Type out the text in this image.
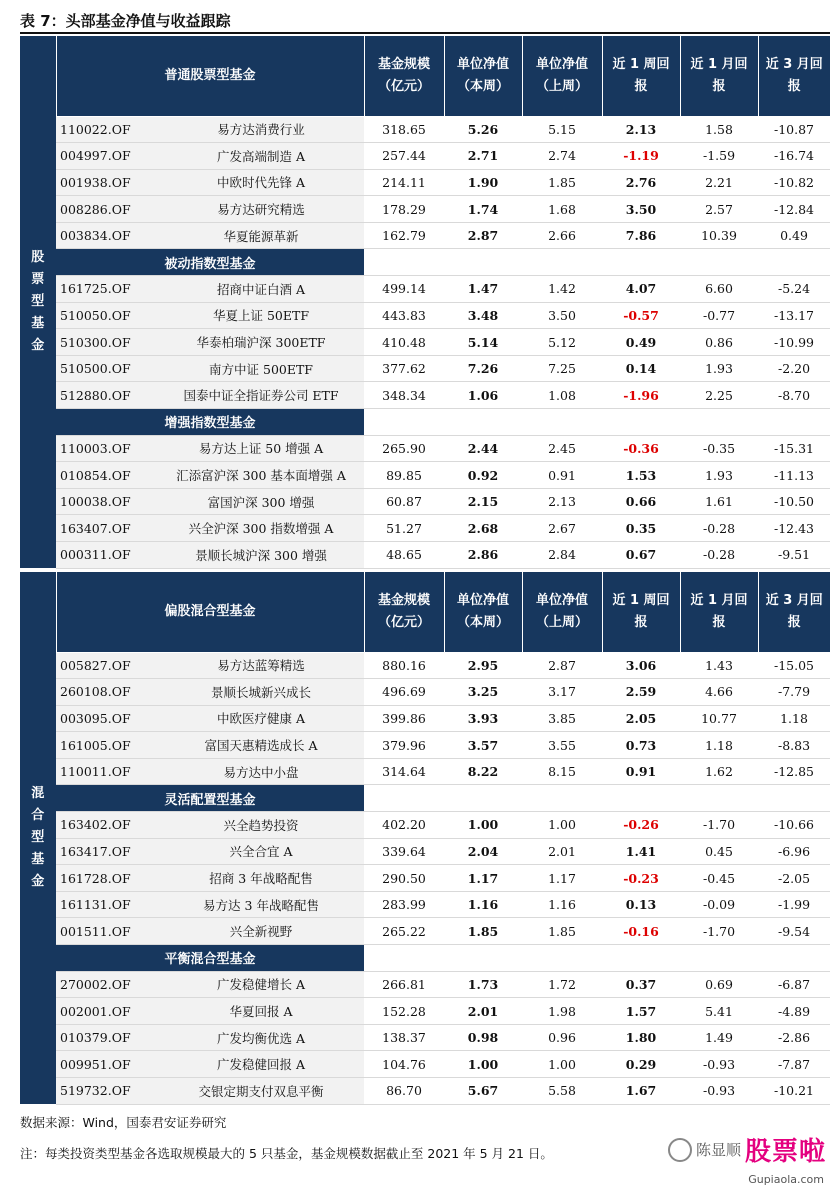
表 7：头部基金净值与收益跟踪
股
票
型
基
金	普通股票型基金		基金规模（亿元）	单位净值（本周）	单位净值（上周）	近 1 周回报	近 1 月回报	近 3 月回报
	110022.OF	易方达消费行业	318.65	5.26	5.15	2.13	1.58	-10.87
	004997.OF	广发高端制造 A	257.44	2.71	2.74	-1.19	-1.59	-16.74
	001938.OF	中欧时代先锋 A	214.11	1.90	1.85	2.76	2.21	-10.82
	008286.OF	易方达研究精选	178.29	1.74	1.68	3.50	2.57	-12.84
	003834.OF	华夏能源革新	162.79	2.87	2.66	7.86	10.39	0.49
	被动指数型基金							
	161725.OF	招商中证白酒 A	499.14	1.47	1.42	4.07	6.60	-5.24
	510050.OF	华夏上证 50ETF	443.83	3.48	3.50	-0.57	-0.77	-13.17
	510300.OF	华泰柏瑞沪深 300ETF	410.48	5.14	5.12	0.49	0.86	-10.99
	510500.OF	南方中证 500ETF	377.62	7.26	7.25	0.14	1.93	-2.20
	512880.OF	国泰中证全指证券公司 ETF	348.34	1.06	1.08	-1.96	2.25	-8.70
	增强指数型基金							
	110003.OF	易方达上证 50 增强 A	265.90	2.44	2.45	-0.36	-0.35	-15.31
	010854.OF	汇添富沪深 300 基本面增强 A	89.85	0.92	0.91	1.53	1.93	-11.13
	100038.OF	富国沪深 300 增强	60.87	2.15	2.13	0.66	1.61	-10.50
	163407.OF	兴全沪深 300 指数增强 A	51.27	2.68	2.67	0.35	-0.28	-12.43
	000311.OF	景顺长城沪深 300 增强	48.65	2.86	2.84	0.67	-0.28	-9.51
混
合
型
基
金	偏股混合型基金		基金规模（亿元）	单位净值（本周）	单位净值（上周）	近 1 周回报	近 1 月回报	近 3 月回报
	005827.OF	易方达蓝筹精选	880.16	2.95	2.87	3.06	1.43	-15.05
	260108.OF	景顺长城新兴成长	496.69	3.25	3.17	2.59	4.66	-7.79
	003095.OF	中欧医疗健康 A	399.86	3.93	3.85	2.05	10.77	1.18
	161005.OF	富国天惠精选成长 A	379.96	3.57	3.55	0.73	1.18	-8.83
	110011.OF	易方达中小盘	314.64	8.22	8.15	0.91	1.62	-12.85
	灵活配置型基金							
	163402.OF	兴全趋势投资	402.20	1.00	1.00	-0.26	-1.70	-10.66
	163417.OF	兴全合宜 A	339.64	2.04	2.01	1.41	0.45	-6.96
	161728.OF	招商 3 年战略配售	290.50	1.17	1.17	-0.23	-0.45	-2.05
	161131.OF	易方达 3 年战略配售	283.99	1.16	1.16	0.13	-0.09	-1.99
	001511.OF	兴全新视野	265.22	1.85	1.85	-0.16	-1.70	-9.54
	平衡混合型基金							
	270002.OF	广发稳健增长 A	266.81	1.73	1.72	0.37	0.69	-6.87
	002001.OF	华夏回报 A	152.28	2.01	1.98	1.57	5.41	-4.89
	010379.OF	广发均衡优选 A	138.37	0.98	0.96	1.80	1.49	-2.86
	009951.OF	广发稳健回报 A	104.76	1.00	1.00	0.29	-0.93	-7.87
	519732.OF	交银定期支付双息平衡	86.70	5.67	5.58	1.67	-0.93	-10.21
数据来源：Wind，国泰君安证券研究
注：每类投资类型基金各选取规模最大的 5 只基金，基金规模数据截止至 2021 年 5 月 21 日。	陈显顺 股票啦
Gupiaola.com
